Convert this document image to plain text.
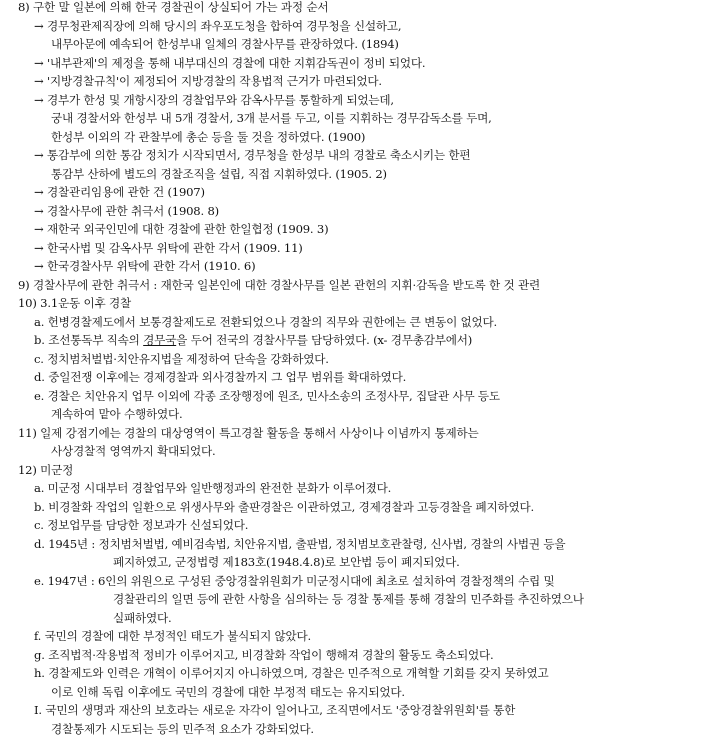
8) 구한 말 일본에 의해 한국 경찰권이 상실되어 가는 과정 순서
→ 경무청관제직장에 의해 당시의 좌우포도청을 합하여 경무청을 신설하고,
내무아문에 예속되어 한성부내 일체의 경찰사무를 관장하였다. (1894)
→ '내부관제'의 제정을 통해 내부대신의 경찰에 대한 지휘감독권이 정비 되었다.
→ '지방경찰규칙'이 제정되어 지방경찰의 작용법적 근거가 마련되었다.
→ 경부가 한성 및 개항시장의 경찰업무와 감옥사무를 통할하게 되었는데,
궁내 경찰서와 한성부 내 5개 경찰서, 3개 분서를 두고, 이를 지휘하는 경무감독소를 두며,
한성부 이외의 각 관찰부에 총순 등을 둘 것을 정하였다. (1900)
→ 통감부에 의한 통감 정치가 시작되면서, 경무청을 한성부 내의 경찰로 축소시키는 한편
통감부 산하에 별도의 경찰조직을 설립, 직접 지휘하였다. (1905. 2)
→ 경찰관리임용에 관한 건 (1907)
→ 경찰사무에 관한 취극서 (1908. 8)
→ 재한국 외국인민에 대한 경찰에 관한 한일협정 (1909. 3)
→ 한국사법 및 감옥사무 위탁에 관한 각서 (1909. 11)
→ 한국경찰사무 위탁에 관한 각서 (1910. 6)
9) 경찰사무에 관한 취극서 : 재한국 일본인에 대한 경찰사무를 일본 관헌의 지휘·감독을 받도록 한 것 관련
10) 3.1운동 이후 경찰
a. 헌병경찰제도에서 보통경찰제도로 전환되었으나 경찰의 직무와 권한에는 큰 변동이 없었다.
b. 조선통독부 직속의 경무국을 두어 전국의 경찰사무를 담당하였다. (x- 경무총감부에서)
c. 정치범처벌법·치안유지법을 제정하여 단속을 강화하였다.
d. 중일전쟁 이후에는 경제경찰과 외사경찰까지 그 업무 범위를 확대하였다.
e. 경찰은 치안유지 업무 이외에 각종 조장행정에 원조, 민사소송의 조정사무, 집달관 사무 등도
계속하여 맡아 수행하였다.
11) 일제 강점기에는 경찰의 대상영역이 특고경찰 활동을 통해서 사상이나 이념까지 통제하는
사상경찰적 영역까지 확대되었다.
12) 미군정
a. 미군정 시대부터 경찰업무와 일반행정과의 완전한 분화가 이루어졌다.
b. 비경찰화 작업의 일환으로 위생사무와 출판경찰은 이관하였고, 경제경찰과 고등경찰을 폐지하였다.
c. 정보업무를 담당한 정보과가 신설되었다.
d. 1945년 : 정치범처벌법, 예비검속법, 치안유지법, 출판법, 정치범보호관찰령, 신사법, 경찰의 사법권 등을
폐지하였고, 군정법령 제183호(1948.4.8)로 보안법 등이 폐지되었다.
e. 1947년 : 6인의 위원으로 구성된 중앙경찰위원회가 미군정시대에 최초로 설치하여 경찰정책의 수립 및
경찰관리의 일면 등에 관한 사항을 심의하는 등 경찰 통제를 통해 경찰의 민주화를 추진하였으나
실패하였다.
f. 국민의 경찰에 대한 부정적인 태도가 불식되지 않았다.
g. 조직법적·작용법적 정비가 이루어지고, 비경찰화 작업이 행해져 경찰의 활동도 축소되었다.
h. 경찰제도와 인력은 개혁이 이루어지지 아니하였으며, 경찰은 민주적으로 개혁할 기회를 갖지 못하였고
이로 인해 독립 이후에도 국민의 경찰에 대한 부정적 태도는 유지되었다.
I. 국민의 생명과 재산의 보호라는 새로운 자각이 일어나고, 조직면에서도 '중앙경찰위원회'를 통한
경찰통제가 시도되는 등의 민주적 요소가 강화되었다.
